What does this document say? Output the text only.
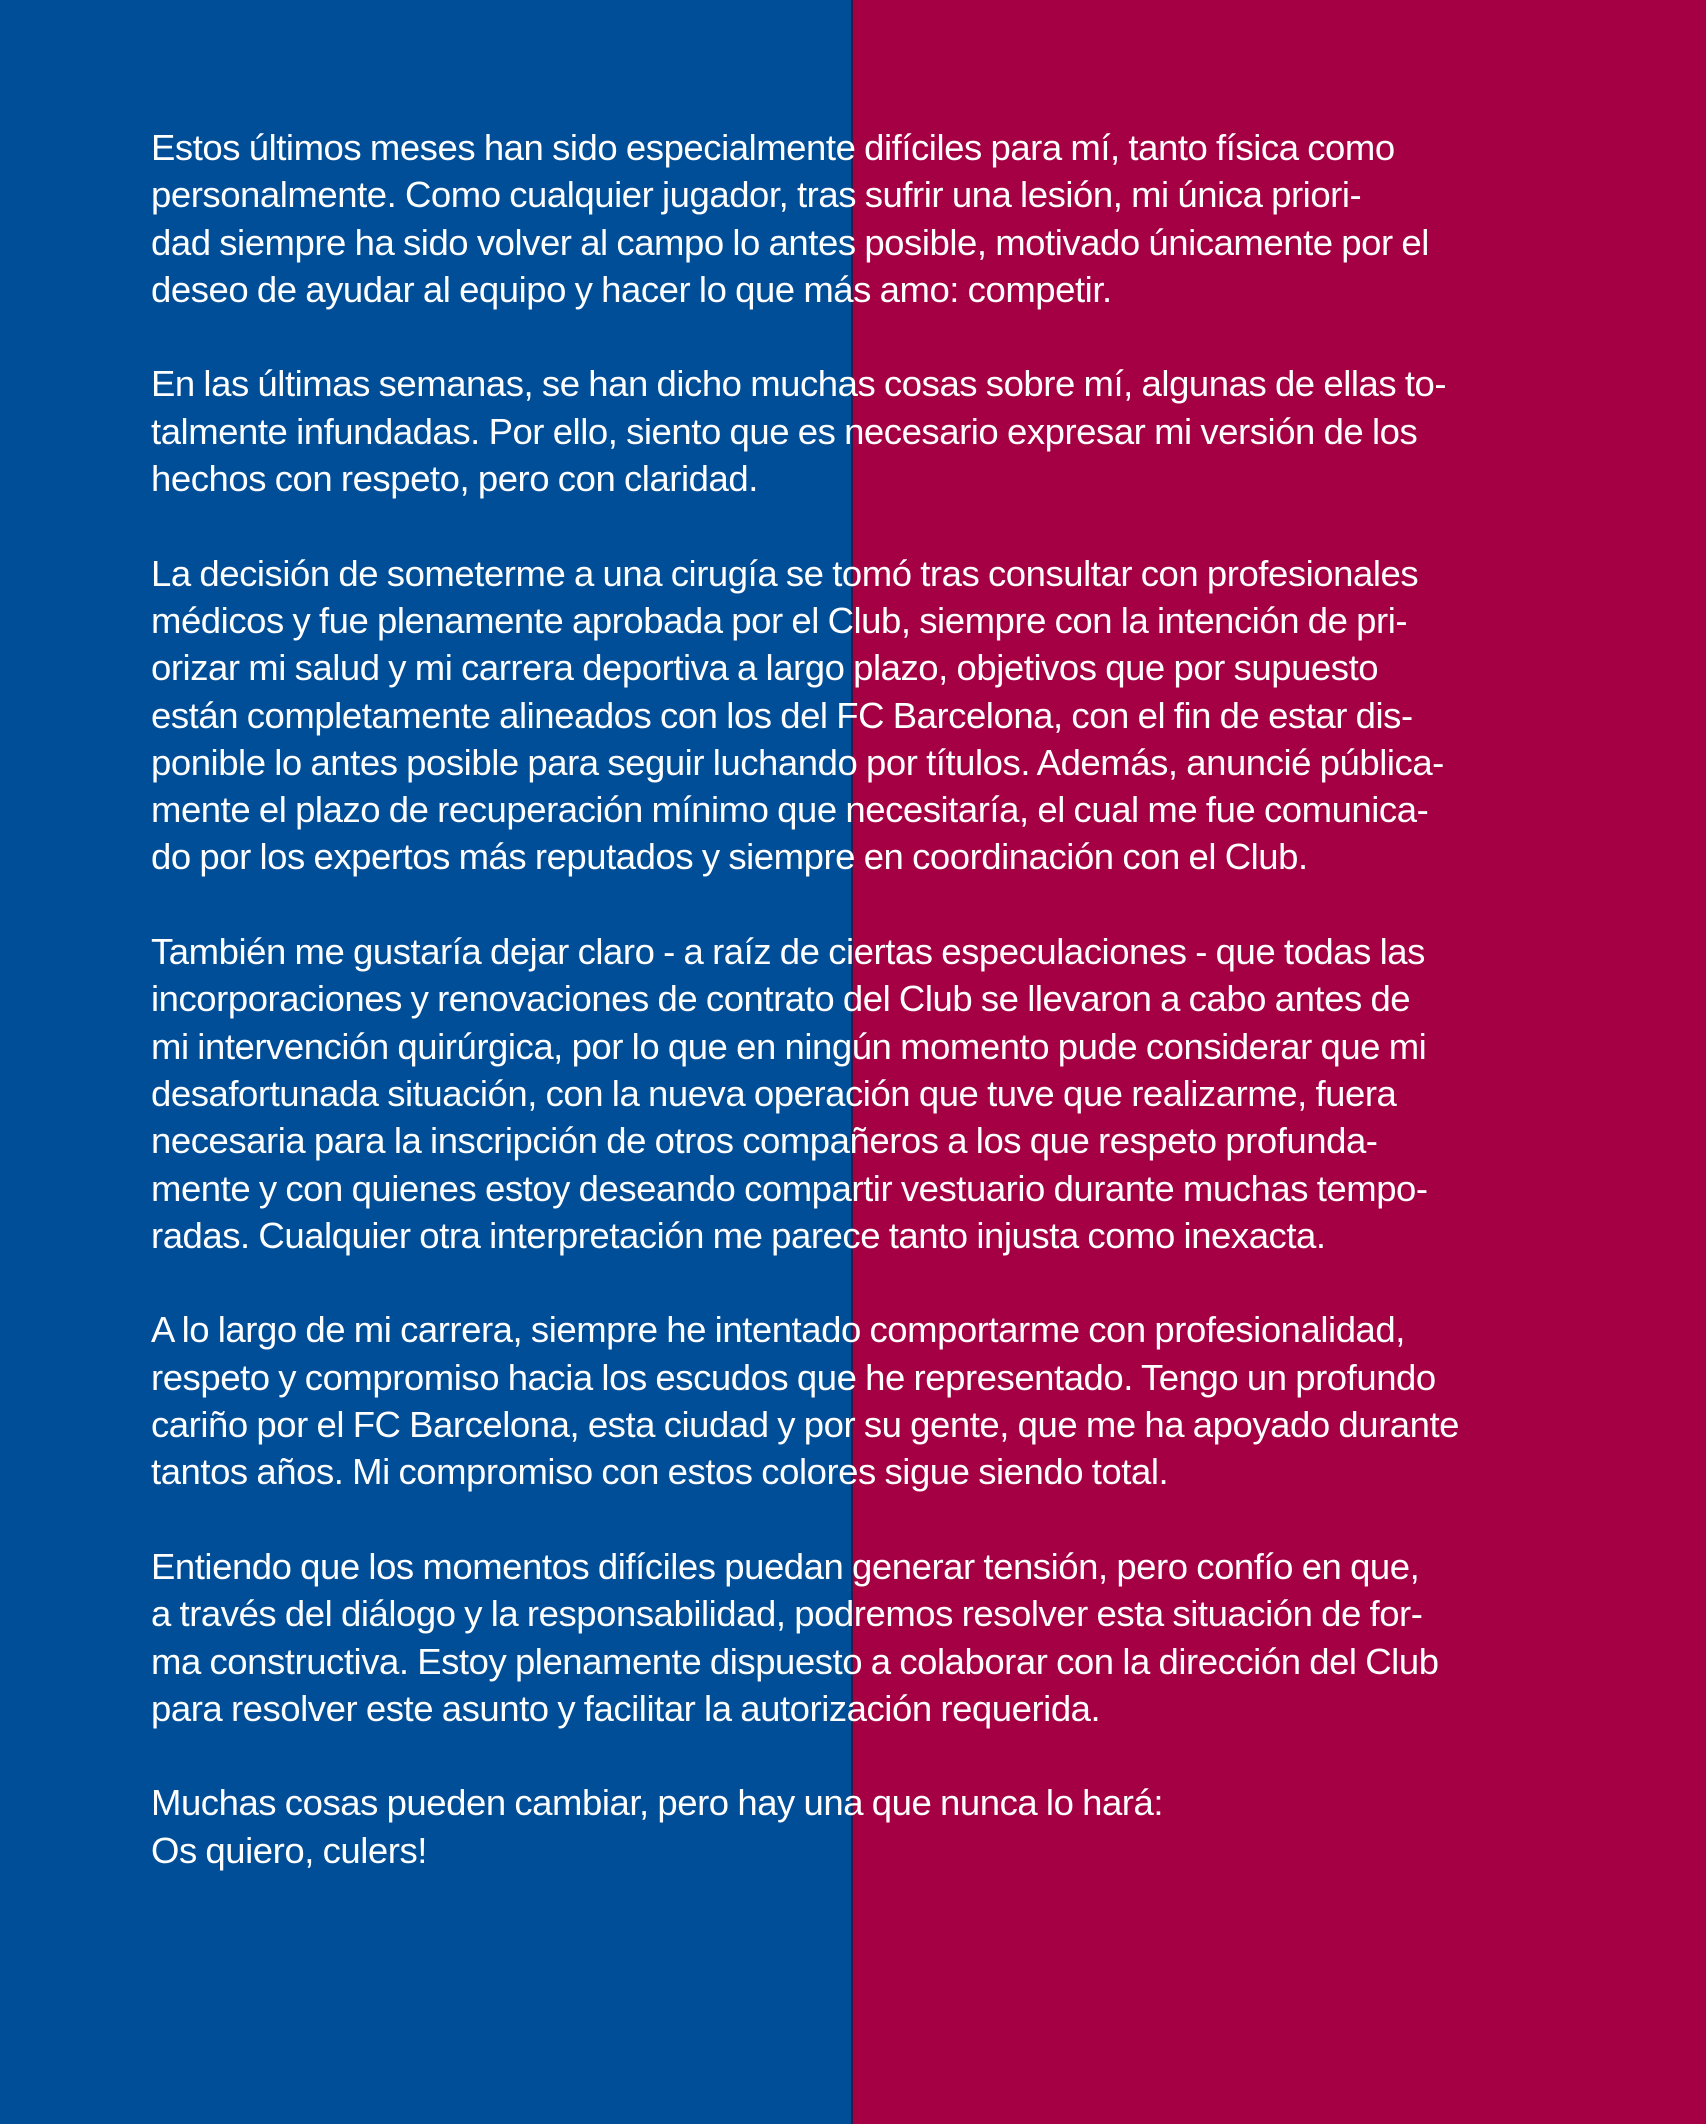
Estos últimos meses han sido especialmente difíciles para mí, tanto física como
personalmente. Como cualquier jugador, tras sufrir una lesión, mi única priori-
dad siempre ha sido volver al campo lo antes posible, motivado únicamente por el
deseo de ayudar al equipo y hacer lo que más amo: competir.

En las últimas semanas, se han dicho muchas cosas sobre mí, algunas de ellas to-
talmente infundadas. Por ello, siento que es necesario expresar mi versión de los
hechos con respeto, pero con claridad.

La decisión de someterme a una cirugía se tomó tras consultar con profesionales
médicos y fue plenamente aprobada por el Club, siempre con la intención de pri-
orizar mi salud y mi carrera deportiva a largo plazo, objetivos que por supuesto
están completamente alineados con los del FC Barcelona, con el fin de estar dis-
ponible lo antes posible para seguir luchando por títulos. Además, anuncié pública-
mente el plazo de recuperación mínimo que necesitaría, el cual me fue comunica-
do por los expertos más reputados y siempre en coordinación con el Club.

También me gustaría dejar claro - a raíz de ciertas especulaciones - que todas las
incorporaciones y renovaciones de contrato del Club se llevaron a cabo antes de
mi intervención quirúrgica, por lo que en ningún momento pude considerar que mi
desafortunada situación, con la nueva operación que tuve que realizarme, fuera
necesaria para la inscripción de otros compañeros a los que respeto profunda-
mente y con quienes estoy deseando compartir vestuario durante muchas tempo-
radas. Cualquier otra interpretación me parece tanto injusta como inexacta.

A lo largo de mi carrera, siempre he intentado comportarme con profesionalidad,
respeto y compromiso hacia los escudos que he representado. Tengo un profundo
cariño por el FC Barcelona, esta ciudad y por su gente, que me ha apoyado durante
tantos años. Mi compromiso con estos colores sigue siendo total.

Entiendo que los momentos difíciles puedan generar tensión, pero confío en que,
a través del diálogo y la responsabilidad, podremos resolver esta situación de for-
ma constructiva. Estoy plenamente dispuesto a colaborar con la dirección del Club
para resolver este asunto y facilitar la autorización requerida.

Muchas cosas pueden cambiar, pero hay una que nunca lo hará:
Os quiero, culers!
